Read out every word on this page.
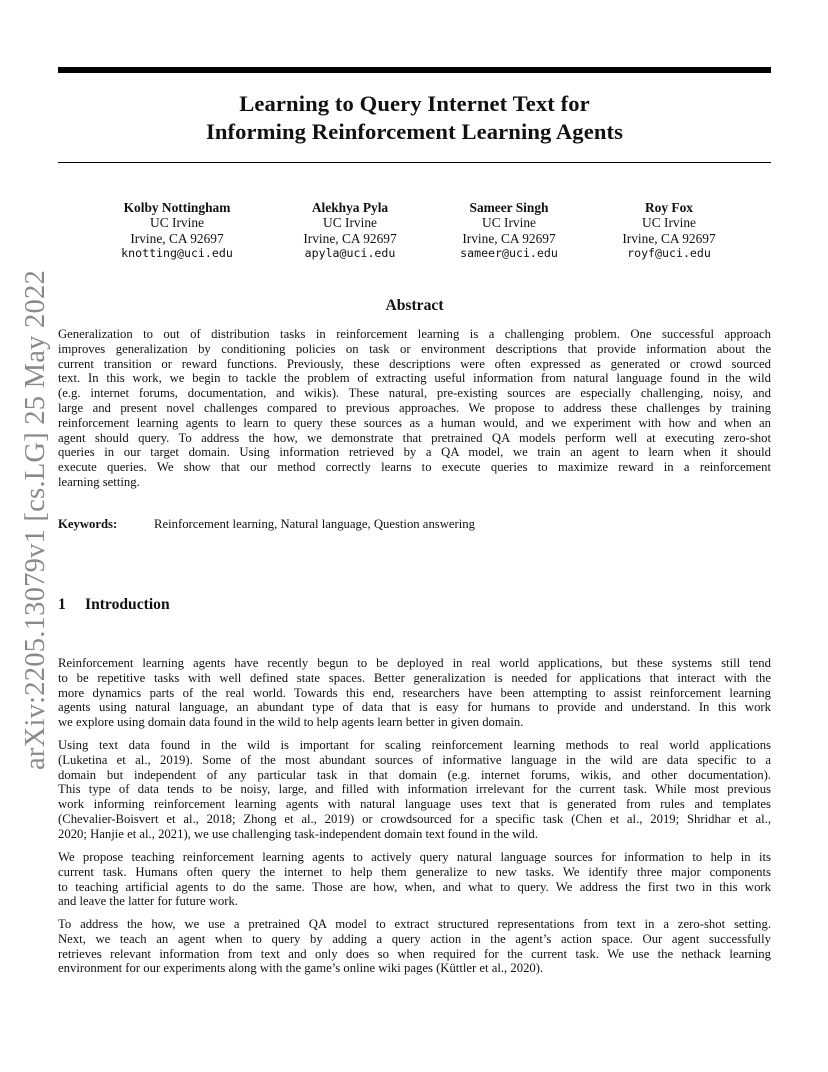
Learning to Query Internet Text for
Informing Reinforcement Learning Agents
Kolby Nottingham
UC Irvine
Irvine, CA 92697
knotting@uci.edu
Alekhya Pyla
UC Irvine
Irvine, CA 92697
apyla@uci.edu
Sameer Singh
UC Irvine
Irvine, CA 92697
sameer@uci.edu
Roy Fox
UC Irvine
Irvine, CA 92697
royf@uci.edu
arXiv:2205.13079v1 [cs.LG] 25 May 2022	Abstract
Generalization to out of distribution tasks in reinforcement learning is a challenging problem. One successful approach
improves generalization by conditioning policies on task or environment descriptions that provide information about the
current transition or reward functions. Previously, these descriptions were often expressed as generated or crowd sourced
text. In this work, we begin to tackle the problem of extracting useful information from natural language found in the wild
(e.g. internet forums, documentation, and wikis). These natural, pre-existing sources are especially challenging, noisy, and
large and present novel challenges compared to previous approaches. We propose to address these challenges by training
reinforcement learning agents to learn to query these sources as a human would, and we experiment with how and when an
agent should query. To address the how, we demonstrate that pretrained QA models perform well at executing zero-shot
queries in our target domain. Using information retrieved by a QA model, we train an agent to learn when it should
execute queries. We show that our method correctly learns to execute queries to maximize reward in a reinforcement
learning setting.
Keywords:	Reinforcement learning, Natural language, Question answering
1 Introduction
Reinforcement learning agents have recently begun to be deployed in real world applications, but these systems still tend
to be repetitive tasks with well defined state spaces. Better generalization is needed for applications that interact with the
more dynamics parts of the real world. Towards this end, researchers have been attempting to assist reinforcement learning
agents using natural language, an abundant type of data that is easy for humans to provide and understand. In this work
we explore using domain data found in the wild to help agents learn better in given domain.
Using text data found in the wild is important for scaling reinforcement learning methods to real world applications
(Luketina et al., 2019). Some of the most abundant sources of informative language in the wild are data specific to a
domain but independent of any particular task in that domain (e.g. internet forums, wikis, and other documentation).
This type of data tends to be noisy, large, and filled with information irrelevant for the current task. While most previous
work informing reinforcement learning agents with natural language uses text that is generated from rules and templates
(Chevalier-Boisvert et al., 2018; Zhong et al., 2019) or crowdsourced for a specific task (Chen et al., 2019; Shridhar et al.,
2020; Hanjie et al., 2021), we use challenging task-independent domain text found in the wild.
We propose teaching reinforcement learning agents to actively query natural language sources for information to help in its
current task. Humans often query the internet to help them generalize to new tasks. We identify three major components
to teaching artificial agents to do the same. Those are how, when, and what to query. We address the first two in this work
and leave the latter for future work.
To address the how, we use a pretrained QA model to extract structured representations from text in a zero-shot setting.
Next, we teach an agent when to query by adding a query action in the agent’s action space. Our agent successfully
retrieves relevant information from text and only does so when required for the current task. We use the nethack learning
environment for our experiments along with the game’s online wiki pages (Küttler et al., 2020).
